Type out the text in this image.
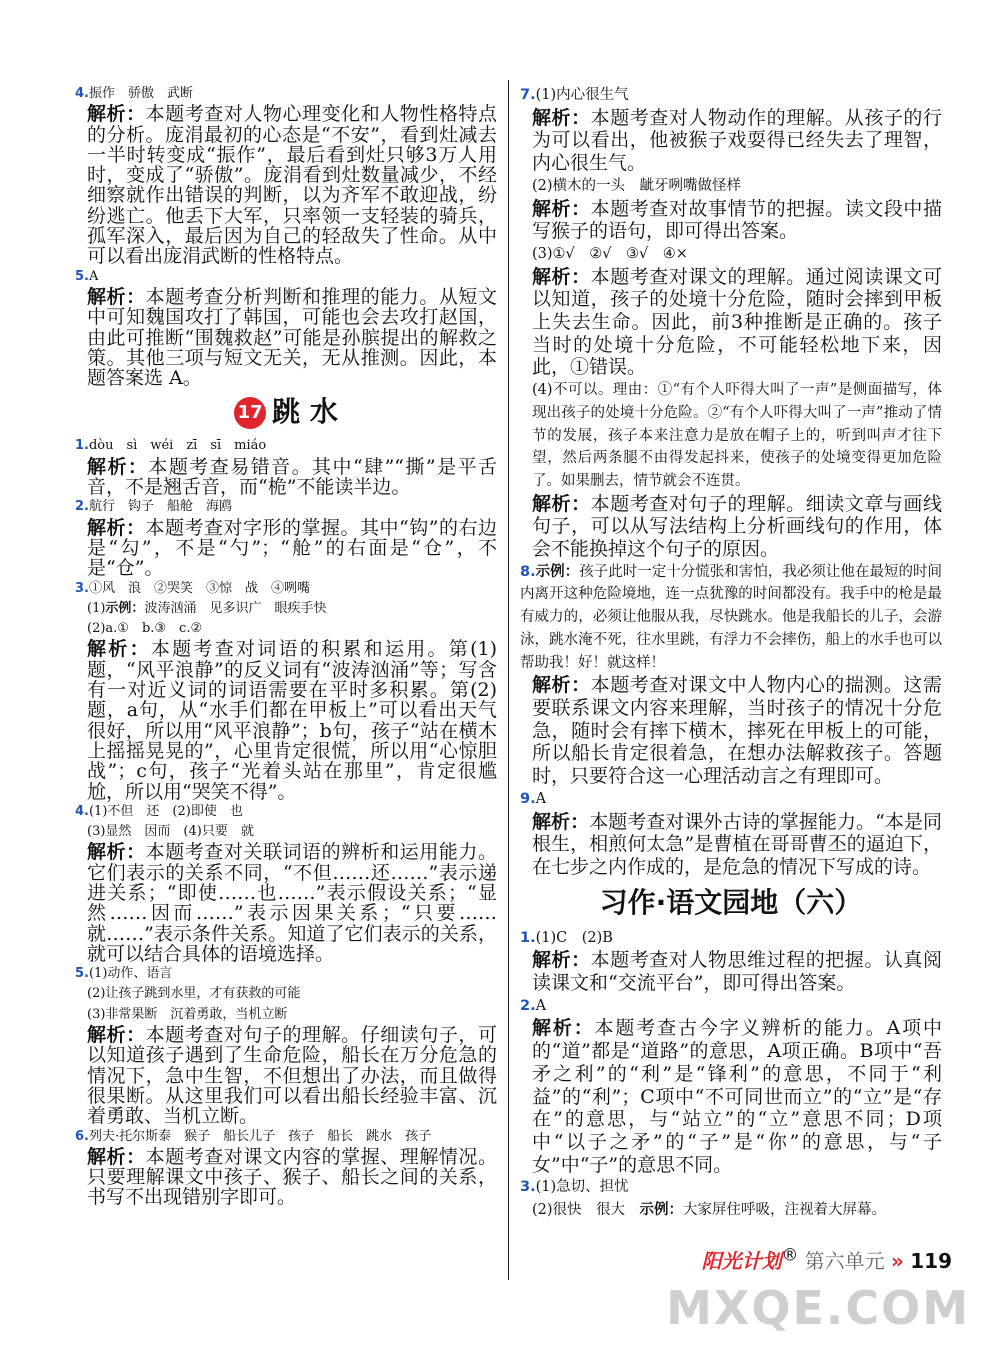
4.振作　骄傲　武断

解析：本题考查对人物心理变化和人物性格特点的分析。庞涓最初的心态是“不安”，看到灶减去一半时转变成“振作”，最后看到灶只够3万人用时，变成了“骄傲”。庞涓看到灶数量减少，不经细察就作出错误的判断，以为齐军不敢迎战，纷纷逃亡。他丢下大军，只率领一支轻装的骑兵，孤军深入，最后因为自己的轻敌失了性命。从中可以看出庞涓武断的性格特点。

5.A

解析：本题考查分析判断和推理的能力。从短文中可知魏国攻打了韩国，可能也会去攻打赵国，由此可推断“围魏救赵”可能是孙膑提出的解救之策。其他三项与短文无关，无从推测。因此，本题答案选 A。

17 跳 水

1.dòu　sì　wéi　zī　sī　miáo

解析：本题考查易错音。其中“肆”“撕”是平舌音，不是翘舌音，而“桅”不能读半边。

2.航行　钩子　船舱　海鸥

解析：本题考查对字形的掌握。其中“钩”的右边是“勾”，不是“勺”；“舱”的右面是“仓”，不是“仓”。

3.①风　浪　②哭笑　③惊　战　④咧嘴

(1)示例：波涛汹涌　见多识广　眼疾手快

(2)a.①　b.③　c.②

解析：本题考查对词语的积累和运用。第(1)题，“风平浪静”的反义词有“波涛汹涌”等；写含有一对近义词的词语需要在平时多积累。第(2)题，a句，从“水手们都在甲板上”可以看出天气很好，所以用“风平浪静”；b句，孩子“站在横木上摇摇晃晃的”，心里肯定很慌，所以用“心惊胆战”；c句，孩子“光着头站在那里”，肯定很尴尬，所以用“哭笑不得”。

4.(1)不但　还　(2)即使　也

(3)显然　因而　(4)只要　就

解析：本题考查对关联词语的辨析和运用能力。它们表示的关系不同，“不但……还……”表示递进关系；“即使……也……”表示假设关系；“显然……因而……”表示因果关系；“只要……就……”表示条件关系。知道了它们表示的关系，就可以结合具体的语境选择。

5.(1)动作、语言

(2)让孩子跳到水里，才有获救的可能

(3)非常果断　沉着勇敢，当机立断

解析：本题考查对句子的理解。仔细读句子，可以知道孩子遇到了生命危险，船长在万分危急的情况下，急中生智，不但想出了办法，而且做得很果断。从这里我们可以看出船长经验丰富、沉着勇敢、当机立断。

6.列夫·托尔斯泰　猴子　船长儿子　孩子　船长　跳水　孩子

解析：本题考查对课文内容的掌握、理解情况。只要理解课文中孩子、猴子、船长之间的关系，书写不出现错别字即可。

7.(1)内心很生气

解析：本题考查对人物动作的理解。从孩子的行为可以看出，他被猴子戏耍得已经失去了理智，内心很生气。

(2)横木的一头　龇牙咧嘴做怪样

解析：本题考查对故事情节的把握。读文段中描写猴子的语句，即可得出答案。

(3)①√　②√　③√　④×

解析：本题考查对课文的理解。通过阅读课文可以知道，孩子的处境十分危险，随时会摔到甲板上失去生命。因此，前3种推断是正确的。孩子当时的处境十分危险，不可能轻松地下来，因此，①错误。

(4)不可以。理由：①“有个人吓得大叫了一声”是侧面描写，体现出孩子的处境十分危险。②“有个人吓得大叫了一声”推动了情节的发展，孩子本来注意力是放在帽子上的，听到叫声才往下望，然后两条腿不由得发起抖来，使孩子的处境变得更加危险了。如果删去，情节就会不连贯。

解析：本题考查对句子的理解。细读文章与画线句子，可以从写法结构上分析画线句的作用，体会不能换掉这个句子的原因。

8.示例：孩子此时一定十分慌张和害怕，我必须让他在最短的时间内离开这种危险境地，连一点犹豫的时间都没有。我手中的枪是最有威力的，必须让他服从我，尽快跳水。他是我船长的儿子，会游泳，跳水淹不死，往水里跳，有浮力不会摔伤，船上的水手也可以帮助我！好！就这样！

解析：本题考查对课文中人物内心的揣测。这需要联系课文内容来理解，当时孩子的情况十分危急，随时会有摔下横木，摔死在甲板上的可能，所以船长肯定很着急，在想办法解救孩子。答题时，只要符合这一心理活动言之有理即可。

9.A

解析：本题考查对课外古诗的掌握能力。“本是同根生，相煎何太急”是曹植在哥哥曹丕的逼迫下，在七步之内作成的，是危急的情况下写成的诗。

习作·语文园地（六）

1.(1)C　(2)B

解析：本题考查对人物思维过程的把握。认真阅读课文和“交流平台”，即可得出答案。

2.A

解析：本题考查古今字义辨析的能力。A项中的“道”都是“道路”的意思，A项正确。B项中“吾矛之利”的“利”是“锋利”的意思，不同于“利益”的“利”；C项中“不可同世而立”的“立”是“存在”的意思，与“站立”的“立”意思不同；D项中“以子之矛”的“子”是“你”的意思，与“子女”中“子”的意思不同。

3.(1)急切、担忧

(2)很快　很大　示例：大家屏住呼吸，注视着大屏幕。

阳光计划® 第六单元 » 119
MXQE.COM
